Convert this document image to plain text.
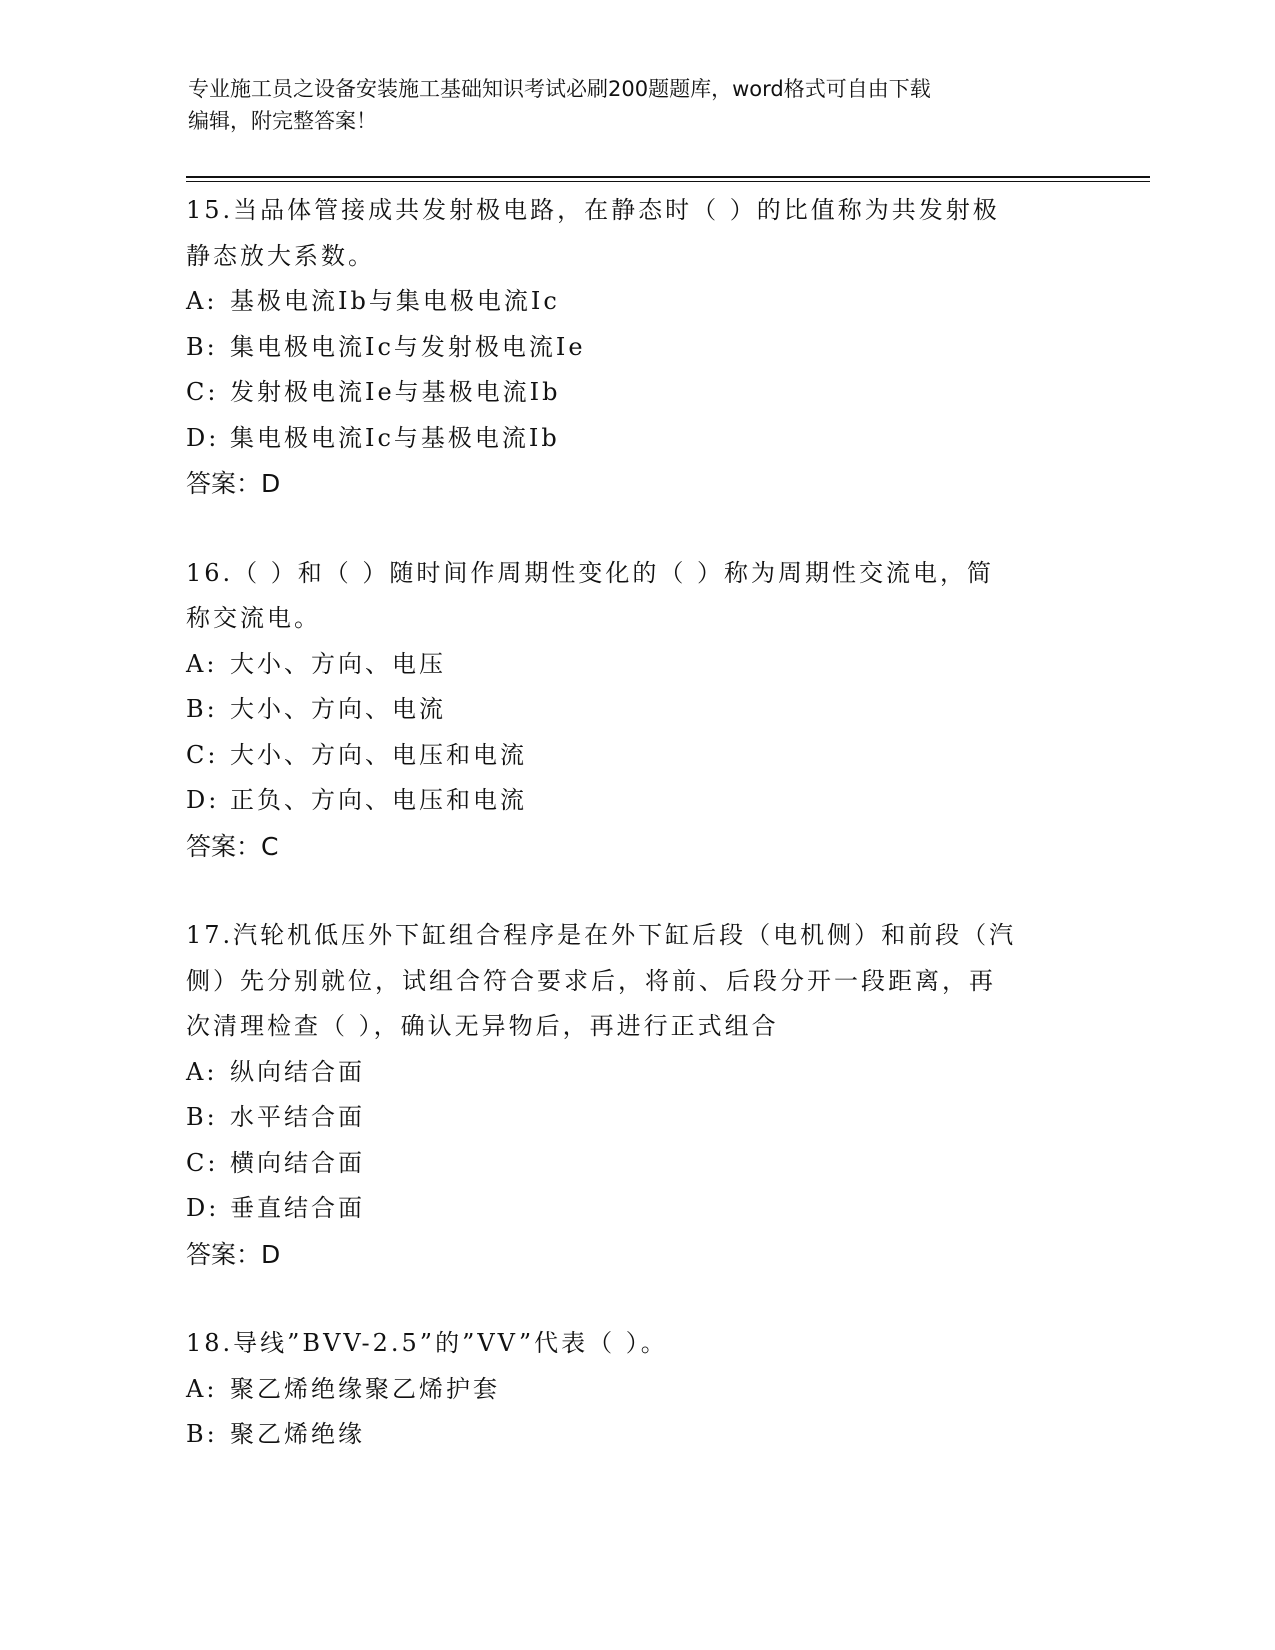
专业施工员之设备安装施工基础知识考试必刷200题题库，word格式可自由下载
编辑，附完整答案！

15.当品体管接成共发射极电路，在静态时（ ）的比值称为共发射极

静态放大系数。

A: 基极电流Ib与集电极电流Ic

B: 集电极电流Ic与发射极电流Ie

C: 发射极电流Ie与基极电流Ib

D: 集电极电流Ic与基极电流Ib

答案：D

16.（ ）和（ ）随时间作周期性变化的（ ）称为周期性交流电，简

称交流电。

A: 大小、方向、电压

B: 大小、方向、电流

C: 大小、方向、电压和电流

D: 正负、方向、电压和电流

答案：C

17.汽轮机低压外下缸组合程序是在外下缸后段（电机侧）和前段（汽

侧）先分别就位，试组合符合要求后，将前、后段分开一段距离，再

次清理检查（ ），确认无异物后，再进行正式组合

A: 纵向结合面

B: 水平结合面

C: 横向结合面

D: 垂直结合面

答案：D

18.导线”BVV-2.5”的”VV”代表（ ）。

A: 聚乙烯绝缘聚乙烯护套

B: 聚乙烯绝缘
